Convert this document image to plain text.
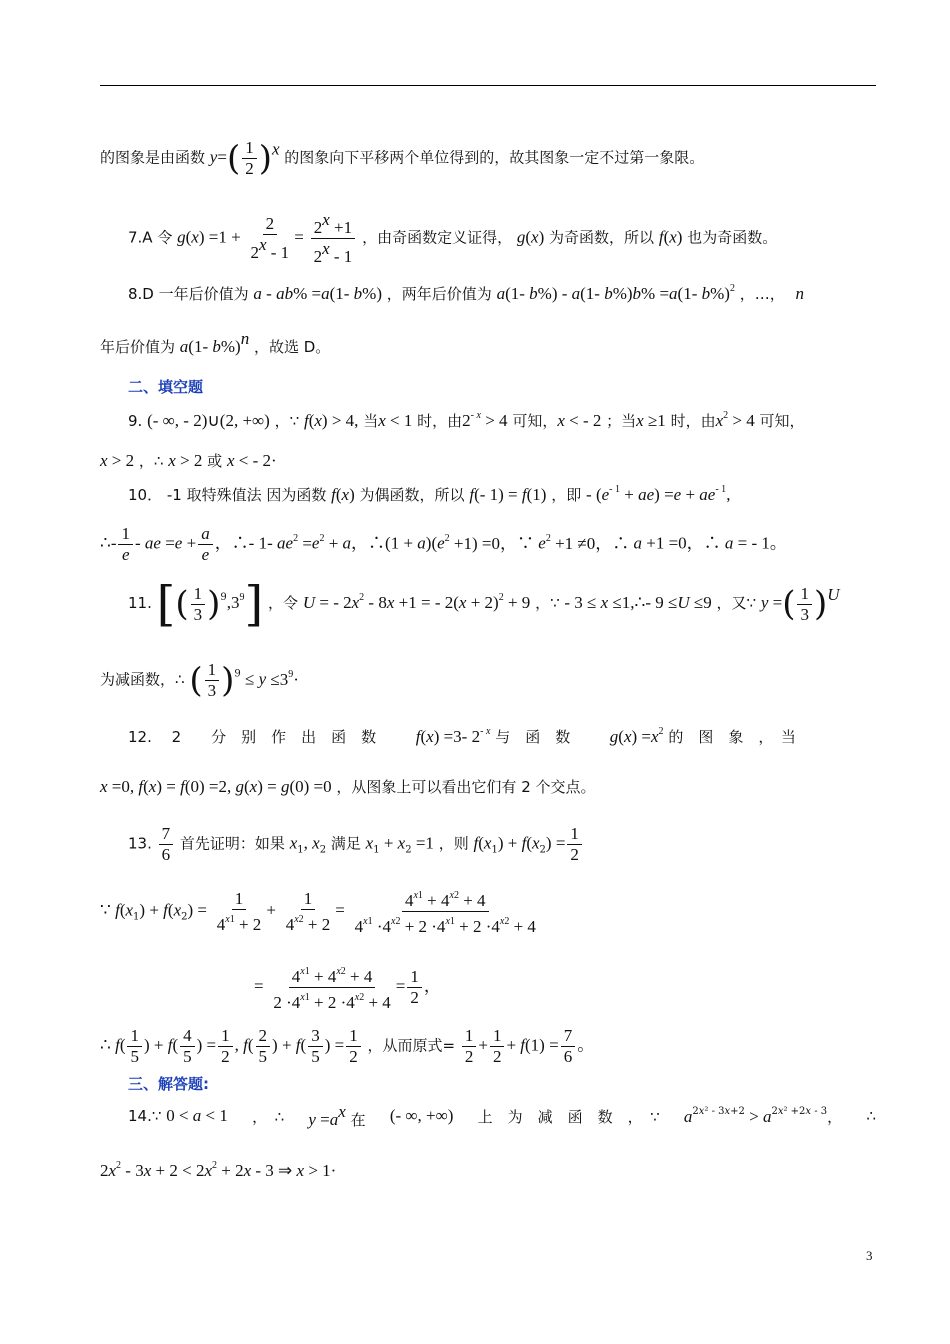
的图象是由函数 $y=( \frac{1}{2} )^x$ 的图象向下平移两个单位得到的，故其图象一定不过第一象限。
7.A 令 $g(x) =1 + \frac{2}{2^x - 1} = \frac{2^x +1}{2^x - 1}$ ，由奇函数定义证得， g(x) 为奇函数，所以 f(x) 也为奇函数。
8.D 一年后价值为 a - ab% =a(1- b%) ，两年后价值为 a(1- b%) - a(1- b%)b% =a(1- b%)$^2$ ，…， n
年后价值为 a(1- b%)$^n$ ，故选 D。
二、填空题
9. (- ∞, - 2)∪(2, +∞) ，∵ f(x) > 4, 当x < 1 时，由$2^{- x} > 4$ 可知，x < - 2 ；当x ≥1 时，由$x^2 > 4$ 可知，
x > 2 ，∴ x > 2 或 x < - 2·
10． -1 取特殊值法 因为函数 f(x) 为偶函数，所以 f(- 1) = f(1) ，即 - $(e^{- 1} + ae) =e + ae^{- 1}$,
∴- $\frac{1}{e}$ - ae $=e + \frac{a}{e}$ ，∴- 1- $ae^2 =e^2 + a$，∴(1 + $a)(e^2 +1) =0$，∵ $e^2 +1 \ne 0$，∴ a +1 =0，∴ a = - 1。
11. [( $\frac{1}{3} )^9,3^9$] ，令 U = - $2x^2 - 8x +1$ = - $2(x + 2)^2 + 9$ ，∵ - 3 ≤ x ≤1,∴- 9 ≤U ≤9 ，又∵ y =( $\frac{1}{3} )^U$
为减函数，∴ ( $\frac{1}{3} )^9 \le y \le 3^9\cdot$
12.　 2　　分　别　作　出　函　数 f(x) =3- $2^{- x}$ 与　函　数 $g(x) =x^2$ 的　图　象　，　当
x =0, f(x) = f(0) =2, g(x) = g(0) =0 ，从图象上可以看出它们有 2 个交点。
13. $\frac{7}{6}$ 首先证明：如果 $x_1$, $x_2$ 满足 $x_1 + x_2 =1$ ，则 $f(x_1) + f(x_2) = \frac{1}{2}$
∵ $f(x_1) + f(x_2) = \frac{1}{4^{x1} + 2} + \frac{1}{4^{x2} + 2} = \frac{4^{x1} + 4^{x2} + 4}{4^{x1} \cdot 4^{x2} + 2 \cdot 4^{x1} + 2 \cdot 4^{x2} + 4}$
= $\frac{4^{x1} + 4^{x2} + 4}{2 \cdot 4^{x1} + 2 \cdot 4^{x2} + 4} = \frac{1}{2}$ ，
∴ $f( \frac{1}{5}$ ) + $f( \frac{4}{5}$ ) = $\frac{1}{2}$ , $f( \frac{2}{5}$ ) + $f( \frac{3}{5}$ ) = $\frac{1}{2}$ ，从而原式= $\frac{1}{2} + \frac{1}{2} + f(1) = \frac{7}{6}$ 。
三、解答题:
14.∵ 0 < a < 1 ，　∴ $y =a^x$ 在 (- ∞, +∞) 上　为　减　函　数　，　∵ $a^{2x^2 - 3x+2} > a^{2x^2 +2x - 3}$， ∴
$2x^2 - 3x + 2 < 2x^2 + 2x - 3$ ⇒ x > 1·
3
